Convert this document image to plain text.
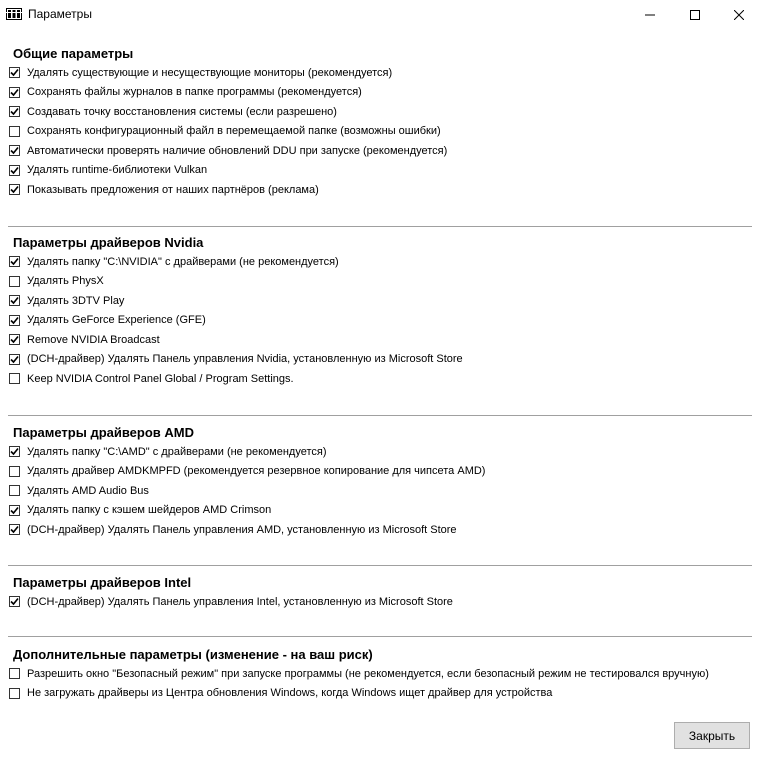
Параметры
Общие параметры
Удалять существующие и несуществующие мониторы (рекомендуется)
Сохранять файлы журналов в папке программы (рекомендуется)
Создавать точку восстановления системы (если разрешено)
Сохранять конфигурационный файл в перемещаемой папке (возможны ошибки)
Автоматически проверять наличие обновлений DDU при запуске (рекомендуется)
Удалять runtime-библиотеки Vulkan
Показывать предложения от наших партнёров (реклама)
Параметры драйверов Nvidia
Удалять папку "C:\NVIDIA" с драйверами (не рекомендуется)
Удалять PhysX
Удалять 3DTV Play
Удалять GeForce Experience (GFE)
Remove NVIDIA Broadcast
(DCH-драйвер) Удалять Панель управления Nvidia, установленную из Microsoft Store
Keep NVIDIA Control Panel Global / Program Settings.
Параметры драйверов AMD
Удалять папку "C:\AMD" с драйверами (не рекомендуется)
Удалять драйвер AMDKMPFD (рекомендуется резервное копирование для чипсета AMD)
Удалять AMD Audio Bus
Удалять папку с кэшем шейдеров AMD Crimson
(DCH-драйвер) Удалять Панель управления AMD, установленную из Microsoft Store
Параметры драйверов Intel
(DCH-драйвер) Удалять Панель управления Intel, установленную из Microsoft Store
Дополнительные параметры (изменение - на ваш риск)
Разрешить окно "Безопасный режим" при запуске программы (не рекомендуется, если безопасный режим не тестировался вручную)
Не загружать драйверы из Центра обновления Windows, когда Windows ищет драйвер для устройства
Закрыть
